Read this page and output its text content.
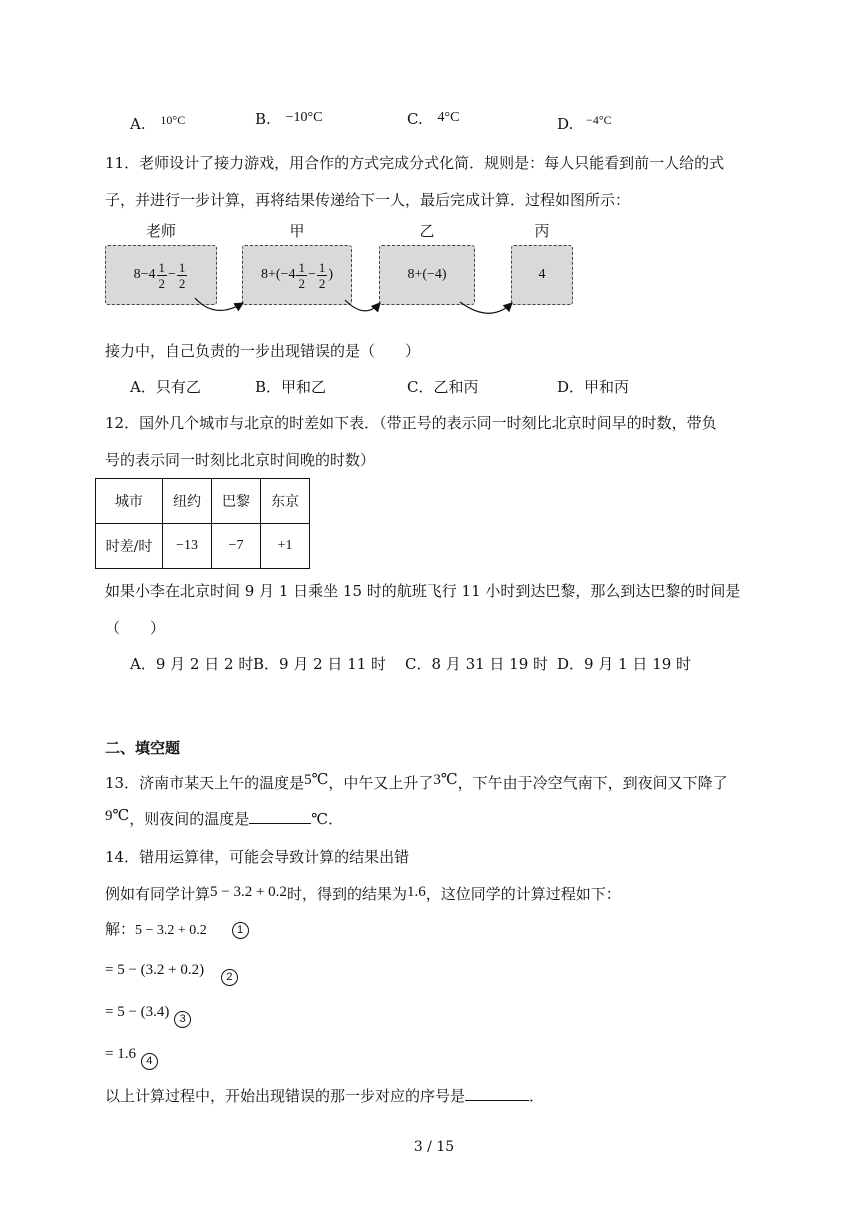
A. $^{10^\circ C}$	B. −10°C	C. 4°C	D. $^{-4^\circ C}$
11．老师设计了接力游戏，用合作的方式完成分式化简．规则是：每人只能看到前一人给的式
子，并进行一步计算，再将结果传递给下一人，最后完成计算．过程如图所示：
老师	甲	乙	丙
$8-4 \frac{1}{2} - \frac{1}{2}$	$8+(-4 \frac{1}{2} - \frac{1}{2}$ )	8+(−4)	4
接力中，自己负责的一步出现错误的是（　　）
A．只有乙	B．甲和乙	C．乙和丙	D．甲和丙
12．国外几个城市与北京的时差如下表．（带正号的表示同一时刻比北京时间早的时数，带负
号的表示同一时刻比北京时间晚的时数）
城市	纽约	巴黎	东京
时差/时	−13	−7	+1
如果小李在北京时间 9 月 1 日乘坐 15 时的航班飞行 11 小时到达巴黎，那么到达巴黎的时间是
（　　）
A．9 月 2 日 2 时 B．9 月 2 日 11 时 C．8 月 31 日 19 时 D．9 月 1 日 19 时
二、填空题
13．济南市某天上午的温度是5℃，中午又上升了3℃，下午由于冷空气南下，到夜间又下降了
9℃，则夜间的温度是	℃．
14．错用运算律，可能会导致计算的结果出错
例如有同学计算5 − 3.2 + 0.2时，得到的结果为1.6，这位同学的计算过程如下：
解：5 − 3.2 + 0.2	1
= 5 − (3.2 + 0.2) 2
= 5 − (3.4) 3
= 1.6 4
以上计算过程中，开始出现错误的那一步对应的序号是	．
3 / 15
